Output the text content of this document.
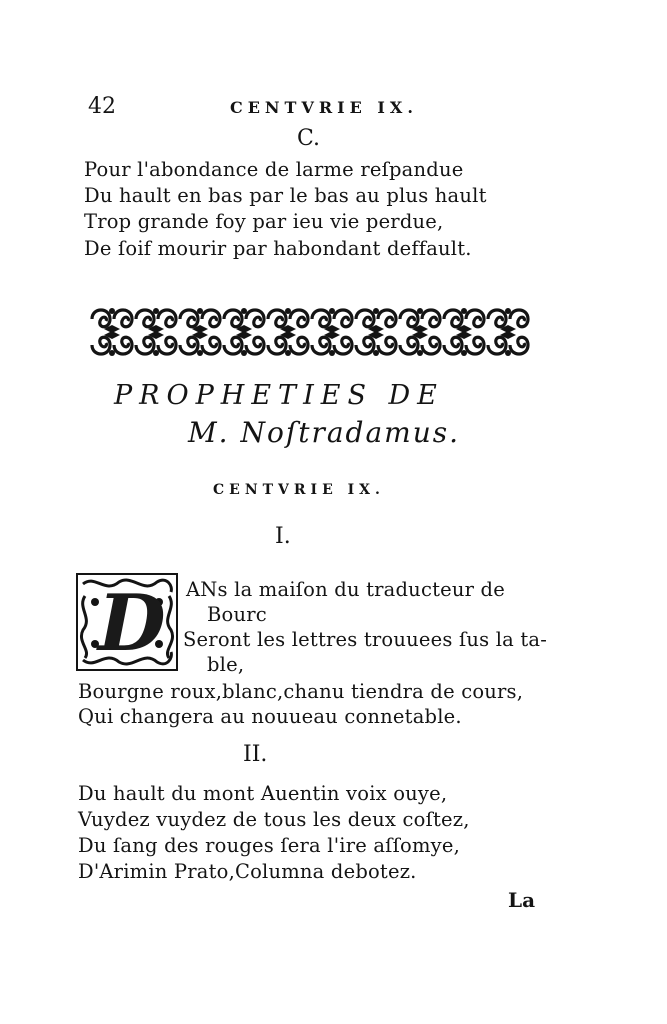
42	CENTVRIE IX.
C.
Pour l'abondance de larme reſpandue
Du hault en bas par le bas au plus hault
Trop grande foy par ieu vie perdue,
De ſoif mourir par habondant deffault.
PROPHETIES DE
M. Noſtradamus.
CENTVRIE IX.
I.
D ANs la maiſon du traducteur de
Bourc
Seront les lettres trouuees ſus la ta-
ble,
Bourgne roux,blanc,chanu tiendra de cours,
Qui changera au nouueau connetable.
II.
Du hault du mont Auentin voix ouye,
Vuydez vuydez de tous les deux coſtez,
Du ſang des rouges ſera l'ire aſſomye,
D'Arimin Prato,Columna debotez.
La
